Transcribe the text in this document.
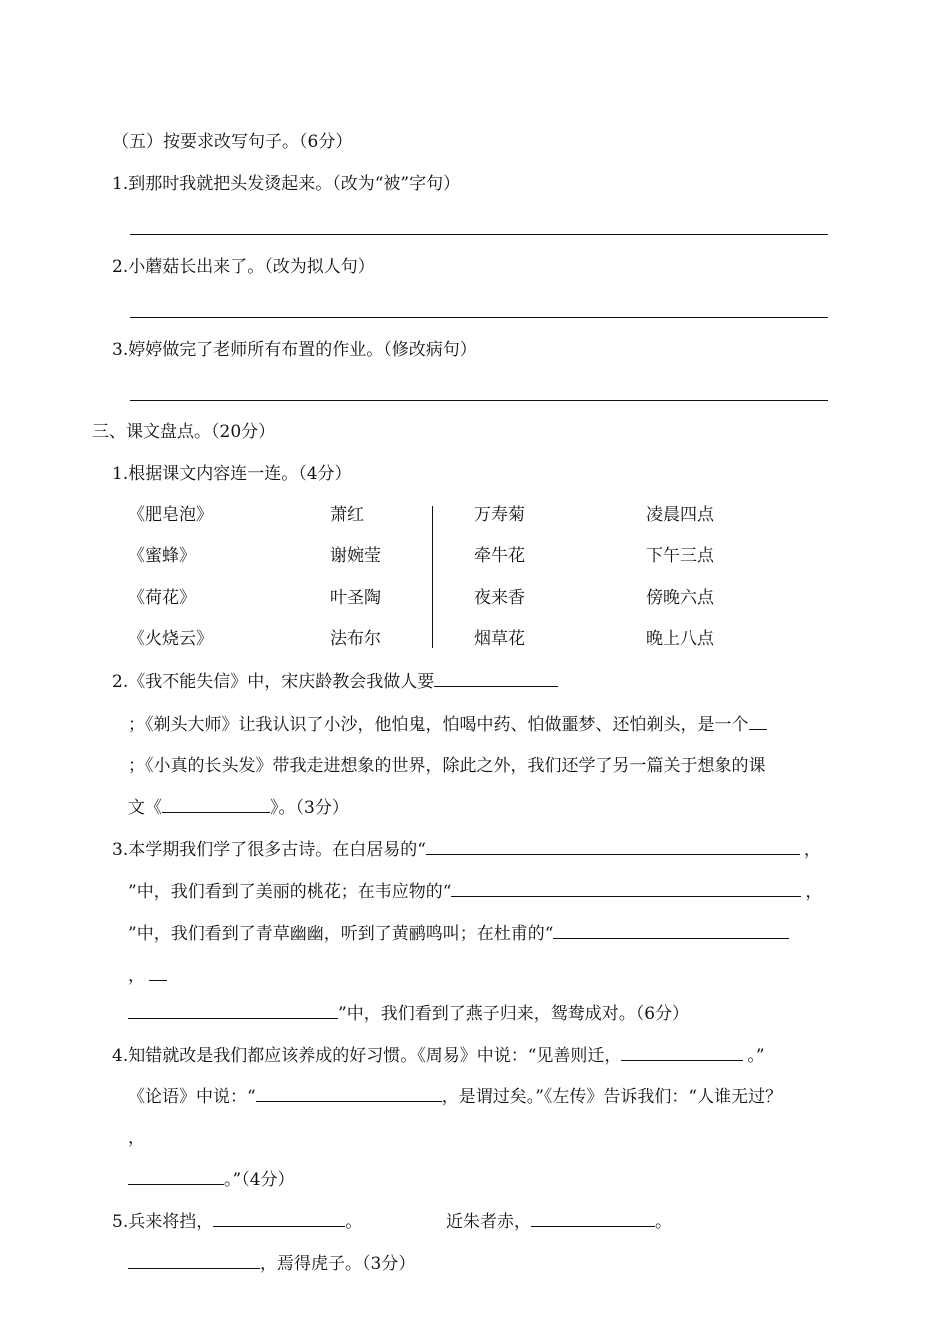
（五）按要求改写句子。（6分）
1.到那时我就把头发烫起来。（改为“被”字句）
2.小蘑菇长出来了。（改为拟人句）
3.婷婷做完了老师所有布置的作业。（修改病句）
三、课文盘点。（20分）
1.根据课文内容连一连。（4分）
《肥皂泡》	萧红	万寿菊	凌晨四点
《蜜蜂》	谢婉莹	牵牛花	下午三点
《荷花》	叶圣陶	夜来香	傍晚六点
《火烧云》	法布尔	烟草花	晚上八点
2.《我不能失信》中，宋庆龄教会我做人要
；《剃头大师》让我认识了小沙，他怕鬼，怕喝中药、怕做噩梦、还怕剃头，是一个
；《小真的长头发》带我走进想象的世界，除此之外，我们还学了另一篇关于想象的课
文《	》。（3分）
3.本学期我们学了很多古诗。在白居易的“	，
”中，我们看到了美丽的桃花；在韦应物的“	，
”中，我们看到了青草幽幽，听到了黄鹂鸣叫；在杜甫的“
，
”中，我们看到了燕子归来，鸳鸯成对。（6分）
4.知错就改是我们都应该养成的好习惯。《周易》中说：“见善则迁，	。”
《论语》中说：“	，是谓过矣。”《左传》告诉我们：“人谁无过？
，
。”（4分）
5.兵来将挡，	。	近朱者赤，	。
，焉得虎子。（3分）
